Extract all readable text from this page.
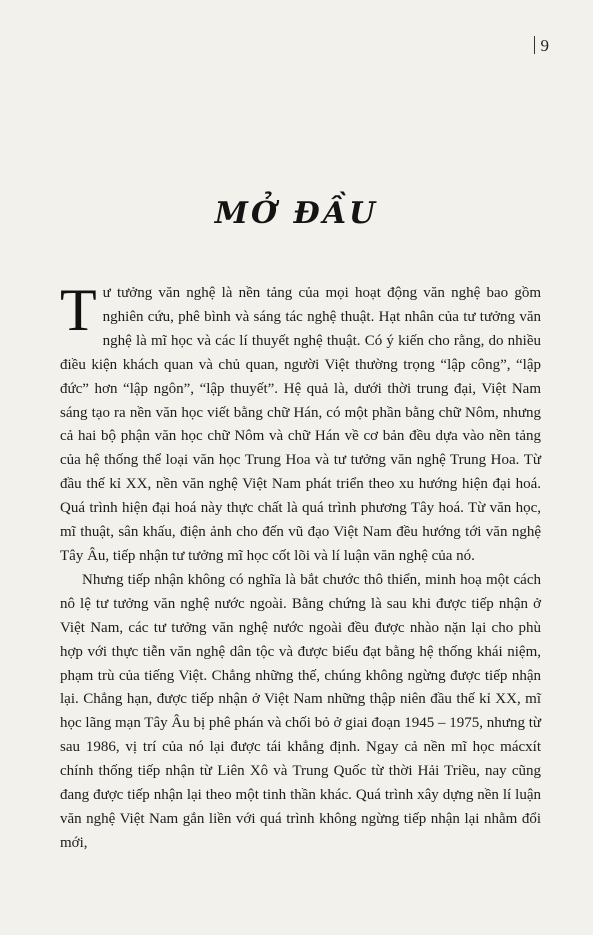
9
MỞ ĐẦU

Tư tưởng văn nghệ là nền tảng của mọi hoạt động văn nghệ bao gồm nghiên cứu, phê bình và sáng tác nghệ thuật. Hạt nhân của tư tưởng văn nghệ là mĩ học và các lí thuyết nghệ thuật. Có ý kiến cho rằng, do nhiều điều kiện khách quan và chủ quan, người Việt thường trọng “lập công”, “lập đức” hơn “lập ngôn”, “lập thuyết”. Hệ quả là, dưới thời trung đại, Việt Nam sáng tạo ra nền văn học viết bằng chữ Hán, có một phần bằng chữ Nôm, nhưng cả hai bộ phận văn học chữ Nôm và chữ Hán về cơ bản đều dựa vào nền tảng của hệ thống thể loại văn học Trung Hoa và tư tưởng văn nghệ Trung Hoa. Từ đầu thế kỉ XX, nền văn nghệ Việt Nam phát triển theo xu hướng hiện đại hoá. Quá trình hiện đại hoá này thực chất là quá trình phương Tây hoá. Từ văn học, mĩ thuật, sân khấu, điện ảnh cho đến vũ đạo Việt Nam đều hướng tới văn nghệ Tây Âu, tiếp nhận tư tưởng mĩ học cốt lõi và lí luận văn nghệ của nó.

Nhưng tiếp nhận không có nghĩa là bắt chước thô thiển, minh hoạ một cách nô lệ tư tưởng văn nghệ nước ngoài. Bằng chứng là sau khi được tiếp nhận ở Việt Nam, các tư tưởng văn nghệ nước ngoài đều được nhào nặn lại cho phù hợp với thực tiễn văn nghệ dân tộc và được biểu đạt bằng hệ thống khái niệm, phạm trù của tiếng Việt. Chẳng những thế, chúng không ngừng được tiếp nhận lại. Chẳng hạn, được tiếp nhận ở Việt Nam những thập niên đầu thế kỉ XX, mĩ học lãng mạn Tây Âu bị phê phán và chối bỏ ở giai đoạn 1945 – 1975, nhưng từ sau 1986, vị trí của nó lại được tái khẳng định. Ngay cả nền mĩ học mácxít chính thống tiếp nhận từ Liên Xô và Trung Quốc từ thời Hải Triều, nay cũng đang được tiếp nhận lại theo một tinh thần khác. Quá trình xây dựng nền lí luận văn nghệ Việt Nam gắn liền với quá trình không ngừng tiếp nhận lại nhằm đổi mới,
